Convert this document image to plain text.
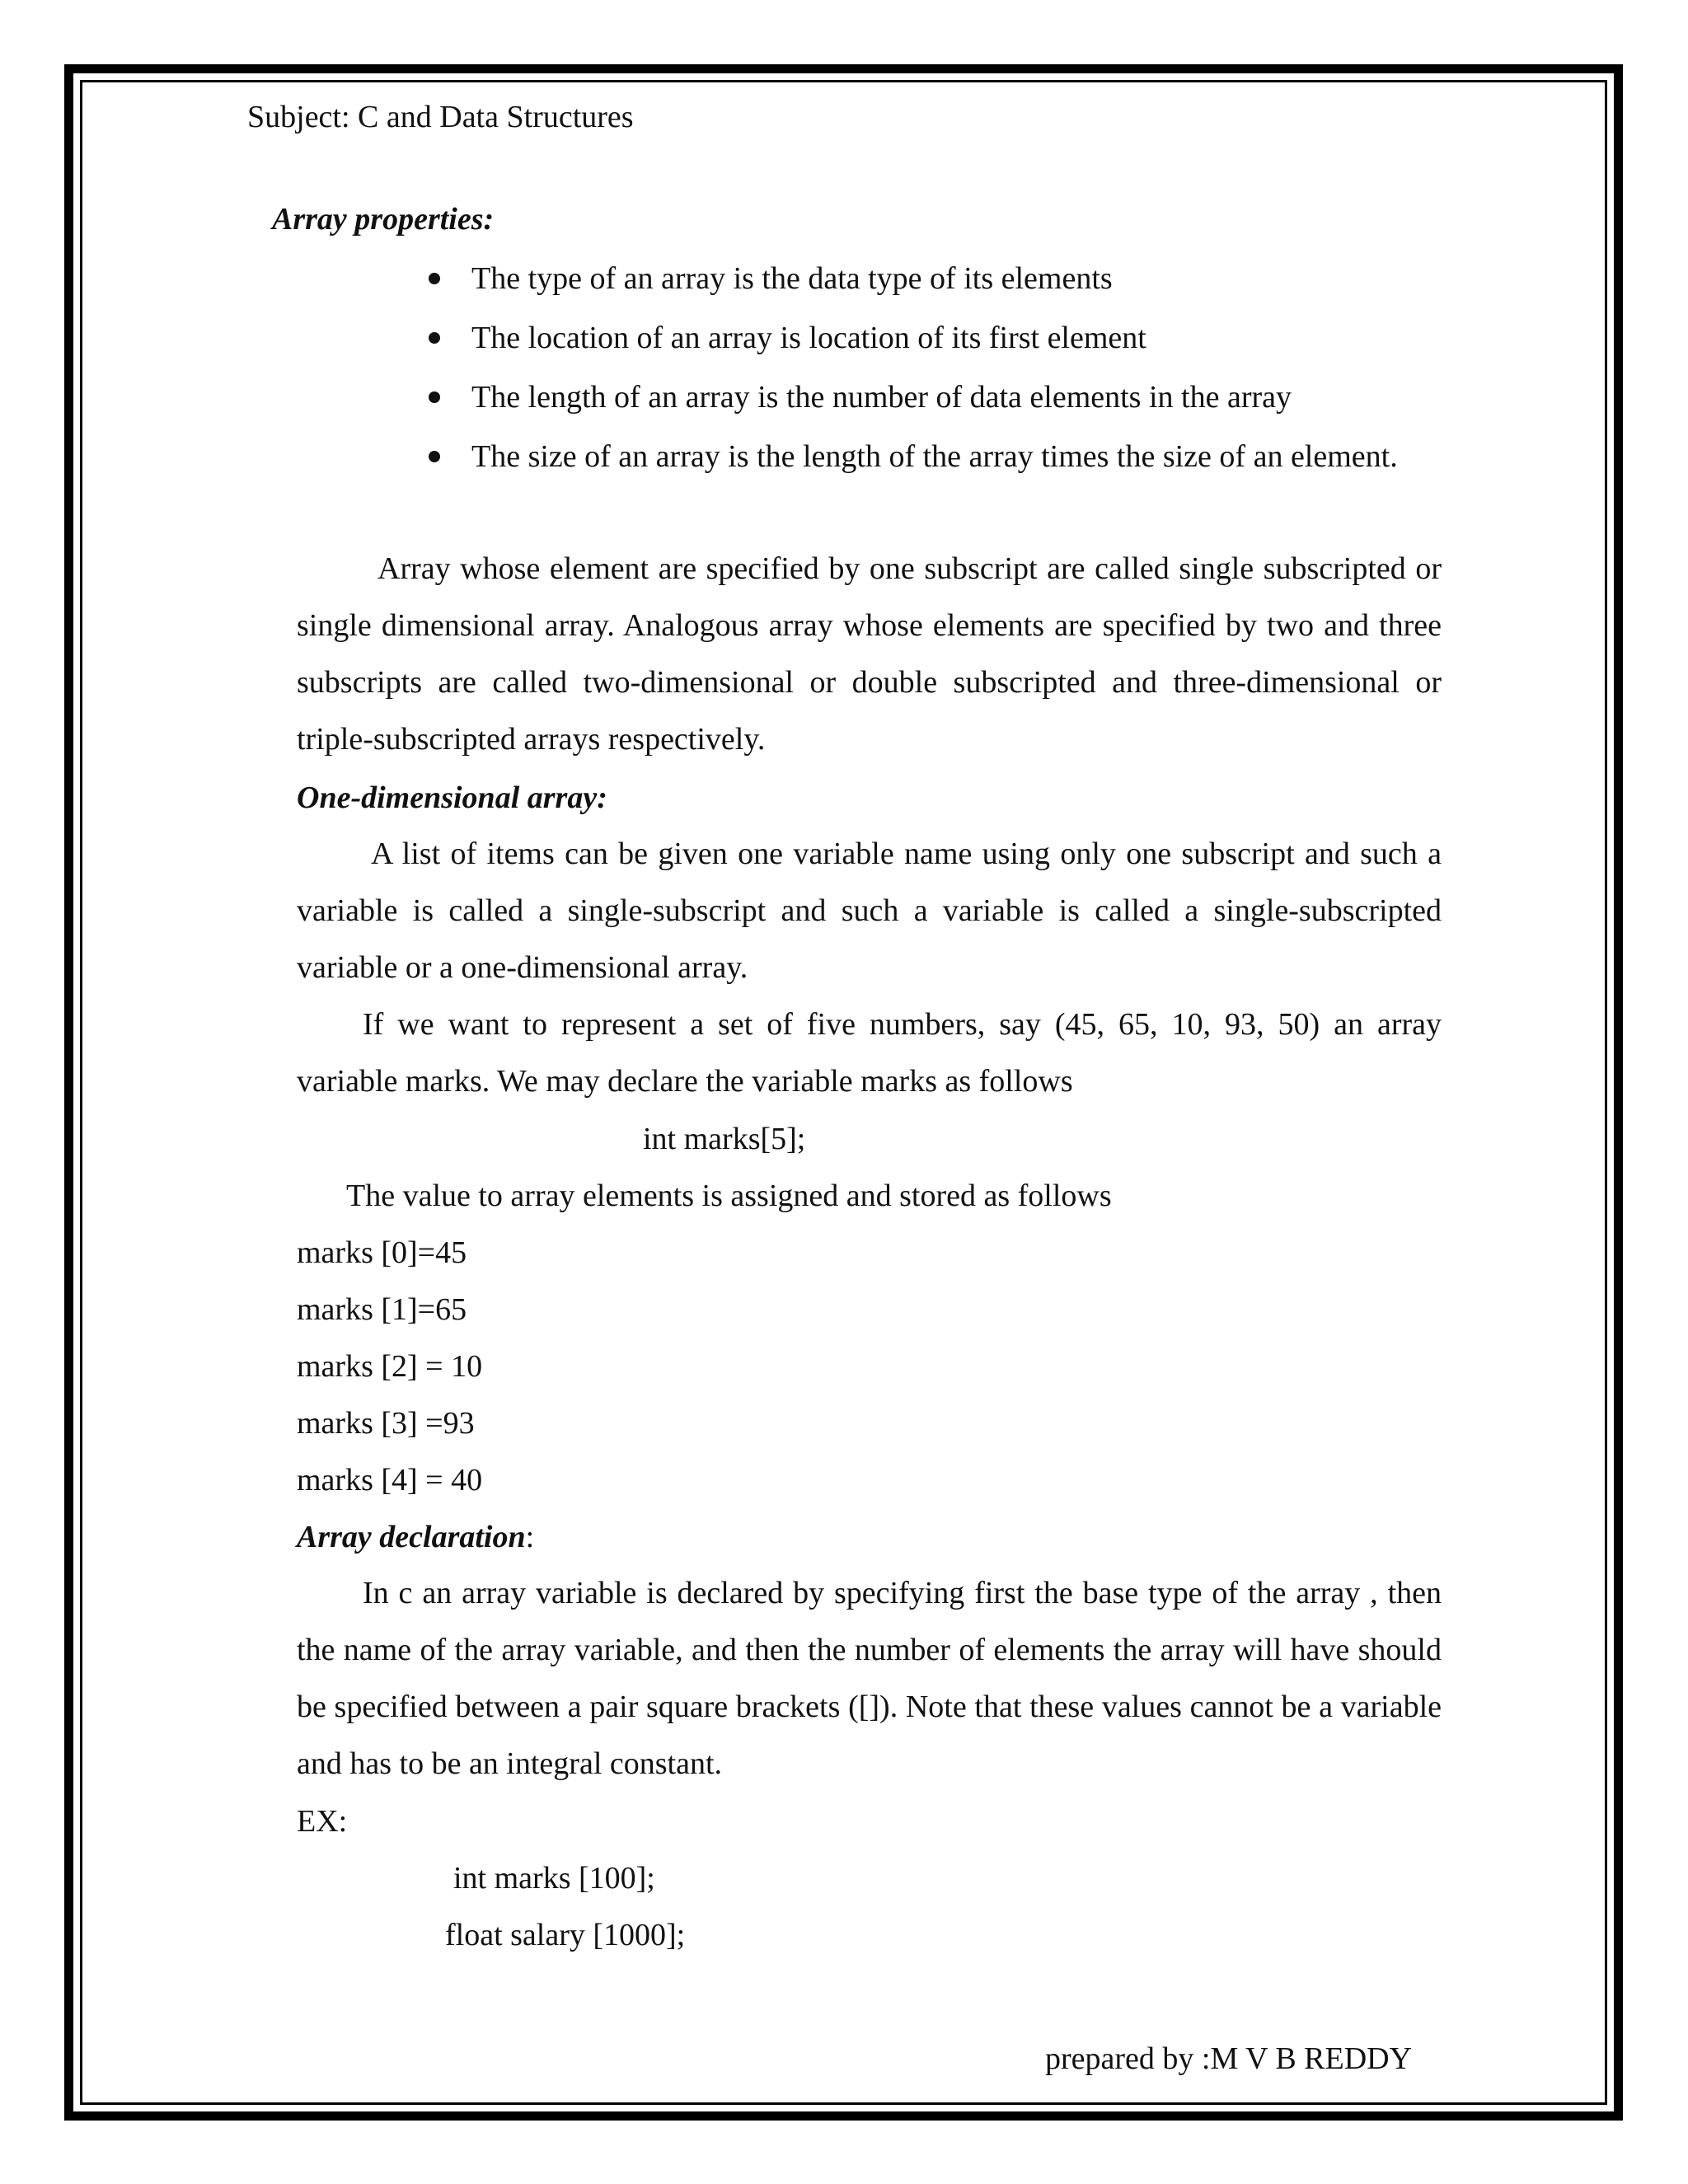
Subject: C and Data Structures

Array properties:

The type of an array is the data type of its elements
The location of an array is location of its first element
The length of an array is the number of data elements in the array
The size of an array is the length of the array times the size of an element.

Array whose element are specified by one subscript are called single subscripted or single dimensional array. Analogous array whose elements are specified by two and three subscripts are called two-dimensional or double subscripted and three-dimensional or triple-subscripted arrays respectively.

One-dimensional array:

A list of items can be given one variable name using only one subscript and such a variable is called a single-subscript and such a variable is called a single-subscripted variable or a one-dimensional array.

If we want to represent a set of five numbers, say (45, 65, 10, 93, 50) an array variable marks. We may declare the variable marks as follows

int marks[5];

The value to array elements is assigned and stored as follows

marks [0]=45

marks [1]=65

marks [2] = 10

marks [3] =93

marks [4] = 40

Array declaration:

In c an array variable is declared by specifying first the base type of the array , then the name of the array variable, and then the number of elements the array will have should be specified between a pair square brackets ([]). Note that these values cannot be a variable and has to be an integral constant.

EX:

int marks [100];

float salary [1000];

prepared by :M V B REDDY
